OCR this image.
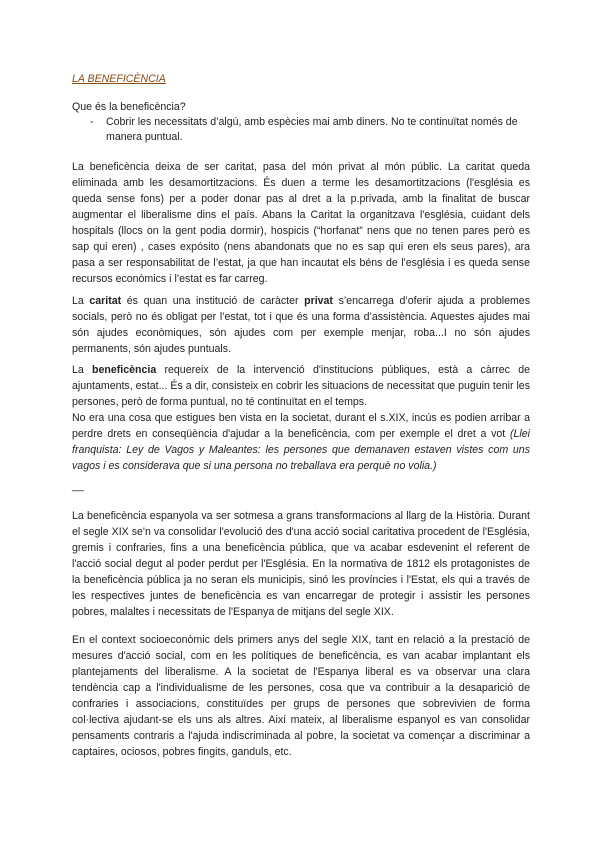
LA BENEFICÈNCIA

Que és la beneficència?

-	Cobrir les necessitats d’algú, amb espècies mai amb diners. No te continuïtat només de manera puntual.

La beneficència deixa de ser caritat, pasa del món privat al món públic. La caritat queda eliminada amb les desamortitzacions. És duen a terme les desamortitzacions (l'església es queda sense fons) per a poder donar pas al dret a la p.privada, amb la finalitat de buscar augmentar el liberalisme dins el país. Abans la Caritat la organitzava l'església, cuidant dels hospitals (llocs on la gent podia dormir), hospicis (“horfanat” nens que no tenen pares però es sap qui eren) , cases expósito (nens abandonats que no es sap qui eren els seus pares), ara pasa a ser responsabilitat de l’estat, ja que han incautat els béns de l'església i es queda sense recursos econòmics i l’estat es far carreg.

La caritat és quan una institució de caràcter privat s’encarrega d’oferir ajuda a problemes socials, però no és obligat per l’estat, tot i que és una forma d’assistència. Aquestes ajudes mai són ajudes econòmiques, són ajudes com per exemple menjar, roba...I no són ajudes permanents, són ajudes puntuals.

La beneficència requereix de la intervenció d'institucions públiques, està a càrrec de ajuntaments, estat... És a dir, consisteix en cobrir les situacions de necessitat que puguin tenir les persones, però de forma puntual, no té continuïtat en el temps.

No era una cosa que estigues ben vista en la societat, durant el s.XIX, incús es podien arribar a perdre drets en conseqüència d'ajudar a la beneficència, com per exemple el dret a vot (Llei franquista: Ley de Vagos y Maleantes: les persones que demanaven estaven vistes com uns vagos i es considerava que si una persona no treballava era perquè no volia.)

__

La beneficència espanyola va ser sotmesa a grans transformacions al llarg de la Història. Durant el segle XIX se'n va consolidar l'evolució des d'una acció social caritativa procedent de l'Església, gremis i confraries, fins a una beneficència pública, que va acabar esdevenint el referent de l'acció social degut al poder perdut per l'Església. En la normativa de 1812 els protagonistes de la beneficència pública ja no seran els municipis, sinó les províncies i l'Estat, els qui a través de les respectives juntes de beneficència es van encarregar de protegir i assistir les persones pobres, malaltes i necessitats de l'Espanya de mitjans del segle XIX.

En el context socioeconòmic dels primers anys del segle XIX, tant en relació a la prestació de mesures d'acció social, com en les polítiques de beneficència, es van acabar implantant els plantejaments del liberalisme. A la societat de l'Espanya liberal es va observar una clara tendència cap a l'individualisme de les persones, cosa que va contribuir a la desaparició de confraries i associacions, constituïdes per grups de persones que sobrevivien de forma col·lectiva ajudant-se els uns als altres. Així mateix, al liberalisme espanyol es van consolidar pensaments contraris a l'ajuda indiscriminada al pobre, la societat va començar a discriminar a captaires, ociosos, pobres fingits, ganduls, etc.
